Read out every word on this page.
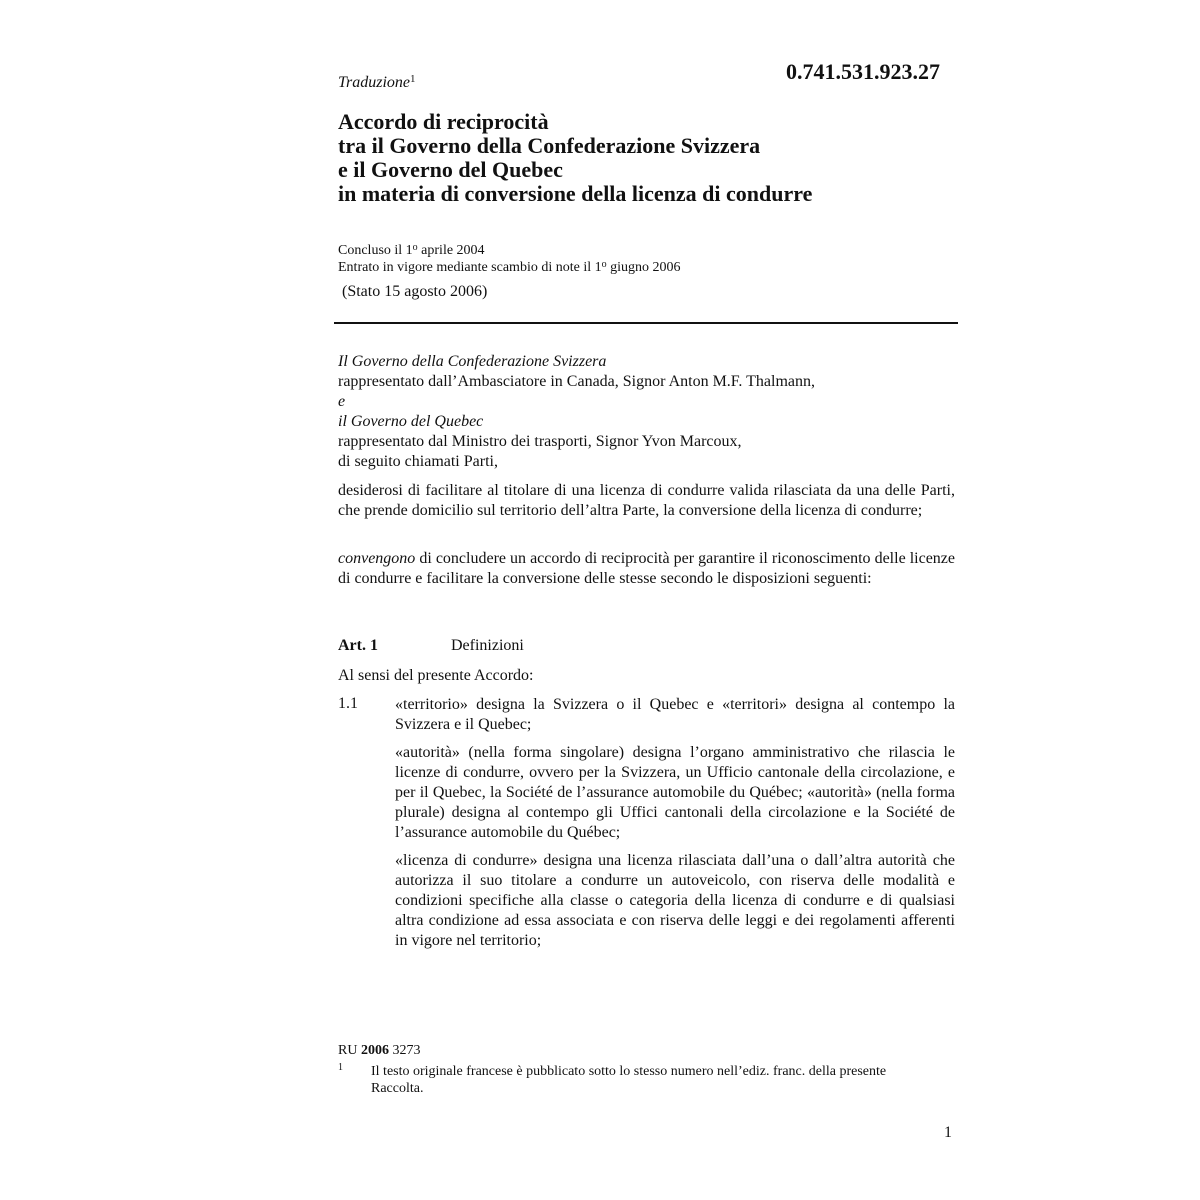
Traduzione$^1$	0.741.531.923.27
Accordo di reciprocità
tra il Governo della Confederazione Svizzera
e il Governo del Quebec
in materia di conversione della licenza di condurre
Concluso il 1$^o$ aprile 2004
Entrato in vigore mediante scambio di note il 1$^o$ giugno 2006
(Stato 15 agosto 2006)
Il Governo della Confederazione Svizzera
rappresentato dall’Ambasciatore in Canada, Signor Anton M.F. Thalmann,
e
il Governo del Quebec
rappresentato dal Ministro dei trasporti, Signor Yvon Marcoux,
di seguito chiamati Parti,
desiderosi di facilitare al titolare di una licenza di condurre valida rilasciata da una delle Parti, che prende domicilio sul territorio dell’altra Parte, la conversione della licenza di condurre;
convengono di concludere un accordo di reciprocità per garantire il riconoscimento delle licenze di condurre e facilitare la conversione delle stesse secondo le disposizioni seguenti:
Art. 1	Definizioni
Al sensi del presente Accordo:
1.1 «territorio» designa la Svizzera o il Quebec e «territori» designa al contempo la Svizzera e il Quebec;
«autorità» (nella forma singolare) designa l’organo amministrativo che rilascia le licenze di condurre, ovvero per la Svizzera, un Ufficio cantonale della circolazione, e per il Quebec, la Société de l’assurance automobile du Québec; «autorità» (nella forma plurale) designa al contempo gli Uffici cantonali della circolazione e la Société de l’assurance automobile du Québec;
«licenza di condurre» designa una licenza rilasciata dall’una o dall’altra autorità che autorizza il suo titolare a condurre un autoveicolo, con riserva delle modalità e condizioni specifiche alla classe o categoria della licenza di condurre e di qualsiasi altra condizione ad essa associata e con riserva delle leggi e dei regolamenti afferenti in vigore nel territorio;
RU 2006 3273
1 Il testo originale francese è pubblicato sotto lo stesso numero nell’ediz. franc. della presente Raccolta.
1
